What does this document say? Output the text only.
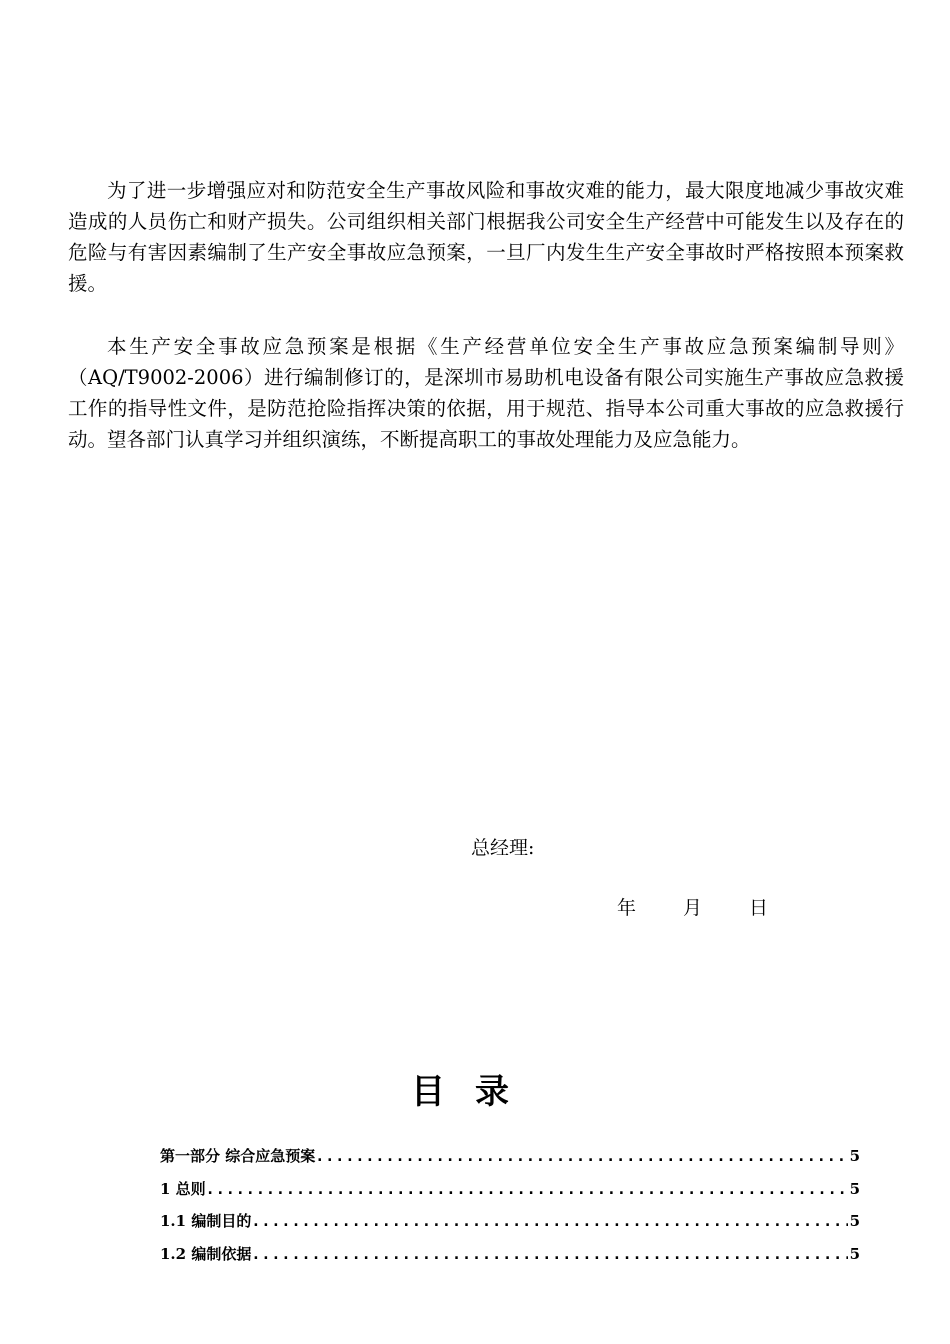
为了进一步增强应对和防范安全生产事故风险和事故灾难的能力，最大限度地减少事故灾难造成的人员伤亡和财产损失。公司组织相关部门根据我公司安全生产经营中可能发生以及存在的危险与有害因素编制了生产安全事故应急预案，一旦厂内发生生产安全事故时严格按照本预案救援。

本生产安全事故应急预案是根据《生产经营单位安全生产事故应急预案编制导则》（AQ/T9002-2006）进行编制修订的，是深圳市易助机电设备有限公司实施生产事故应急救援工作的指导性文件，是防范抢险指挥决策的依据，用于规范、指导本公司重大事故的应急救援行动。望各部门认真学习并组织演练，不断提高职工的事故处理能力及应急能力。

总经理:
年	月	日
目录
第一部分 综合应急预案 .....	5
1 总则 .....	5
1.1 编制目的 .....	5
1.2 编制依据 .....	5
